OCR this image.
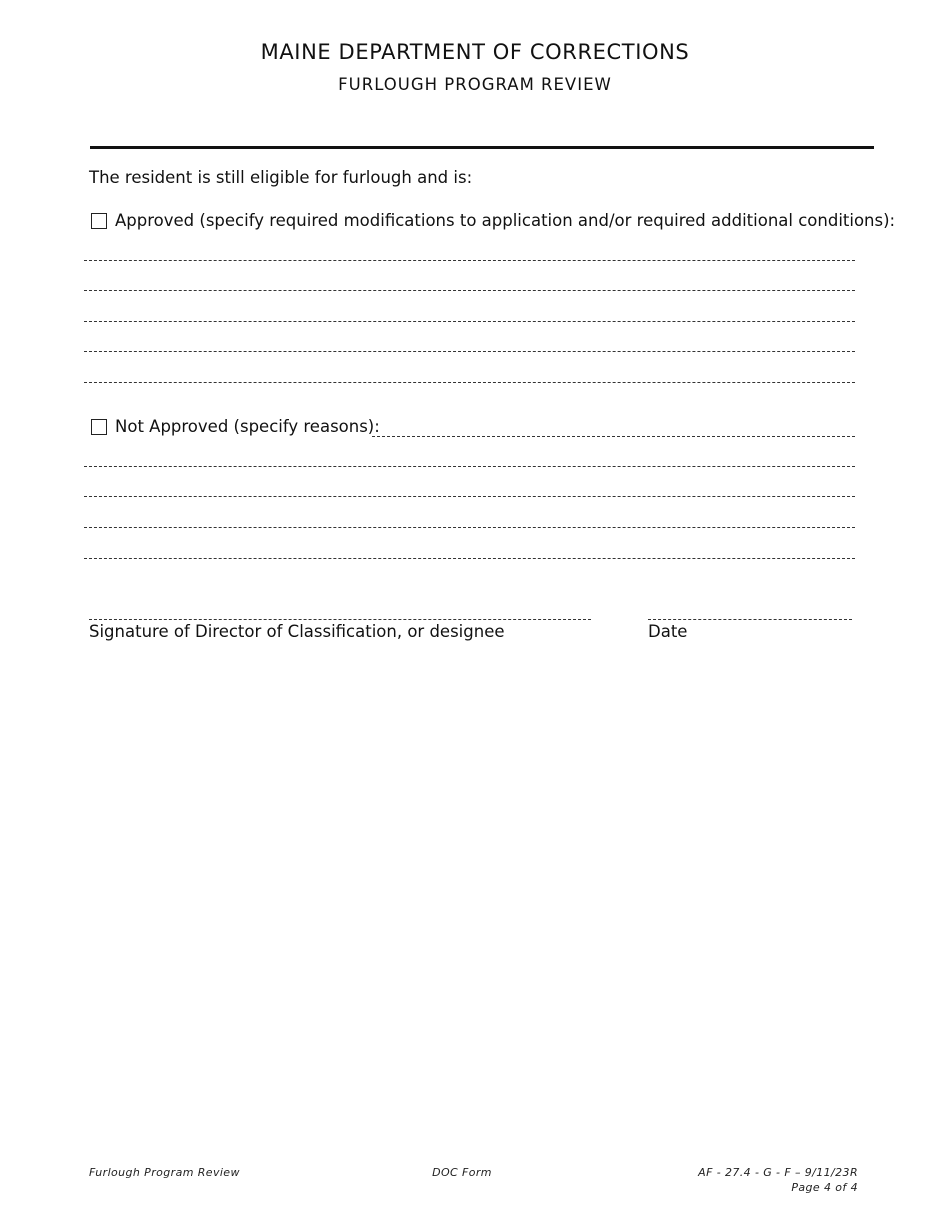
MAINE DEPARTMENT OF CORRECTIONS
FURLOUGH PROGRAM REVIEW
The resident is still eligible for furlough and is:
Approved (specify required modifications to application and/or required additional conditions):
Not Approved (specify reasons):
Signature of Director of Classification, or designee	Date
Furlough Program Review	DOC Form	AF - 27.4 - G - F – 9/11/23R
Page 4 of 4
